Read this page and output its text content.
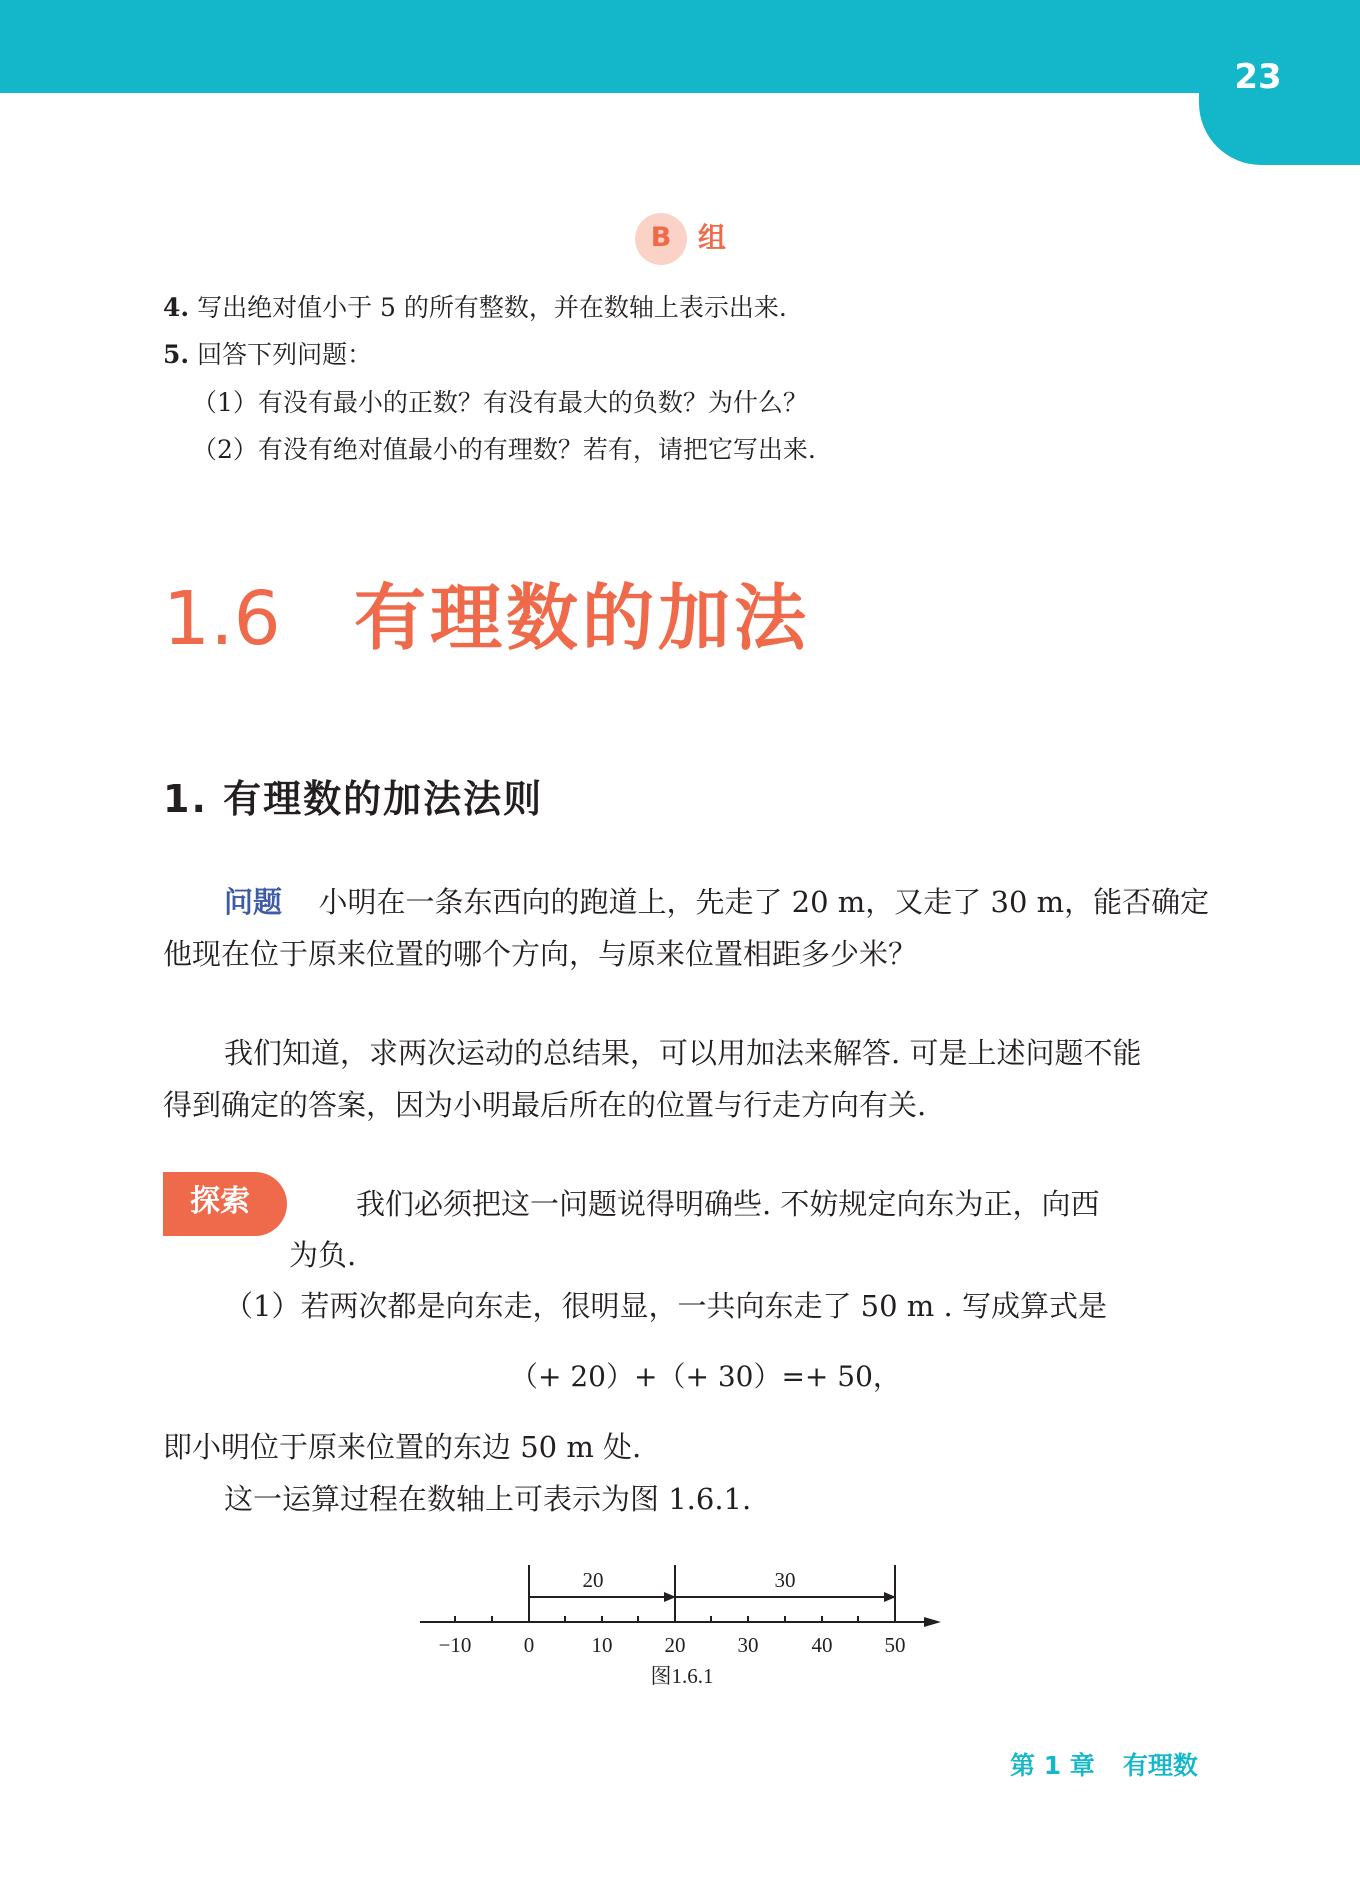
23
B 组
4. 写出绝对值小于 5 的所有整数，并在数轴上表示出来.
5. 回答下列问题：
（1）有没有最小的正数？有没有最大的负数？为什么？
（2）有没有绝对值最小的有理数？若有，请把它写出来.
1.6 有理数的加法
1. 有理数的加法法则
问题 小明在一条东西向的跑道上，先走了 20 m，又走了 30 m，能否确定
他现在位于原来位置的哪个方向，与原来位置相距多少米？
我们知道，求两次运动的总结果，可以用加法来解答. 可是上述问题不能
得到确定的答案，因为小明最后所在的位置与行走方向有关.
探索	我们必须把这一问题说得明确些. 不妨规定向东为正，向西
为负.
（1）若两次都是向东走，很明显，一共向东走了 50 m . 写成算式是
（+ 20）+（+ 30）=+ 50，
即小明位于原来位置的东边 50 m 处.
这一运算过程在数轴上可表示为图 1.6.1.
20	30
−10 0	10 20 30	40 50
图1.6.1
第 1 章 有理数
